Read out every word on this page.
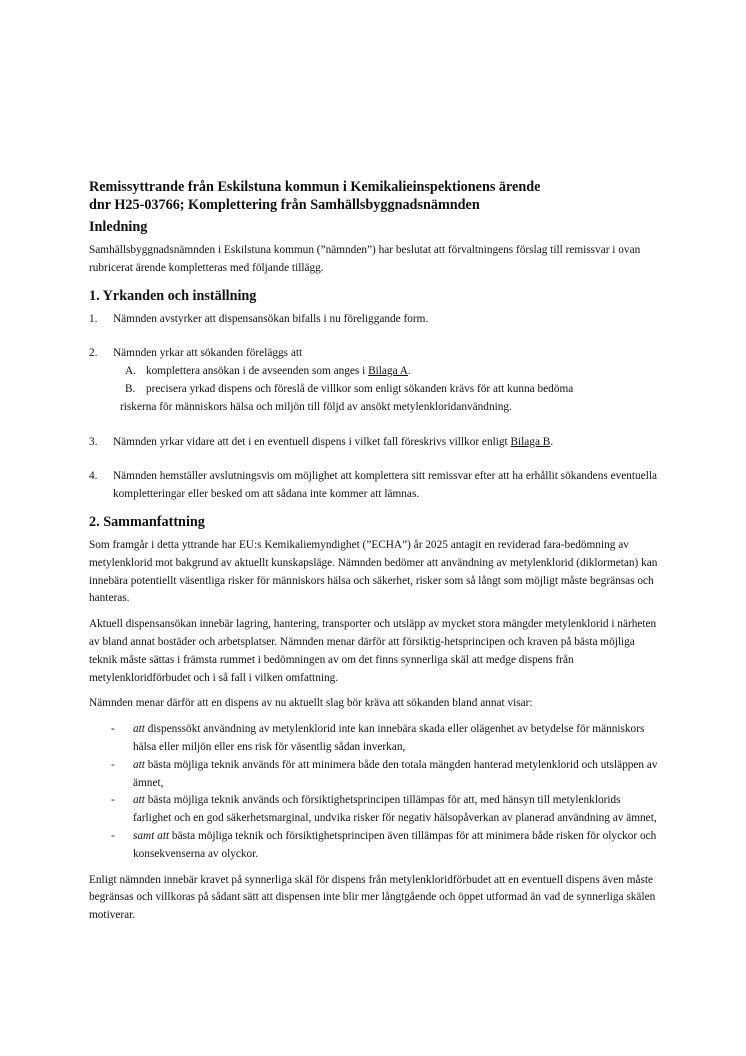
Remissyttrande från Eskilstuna kommun i Kemikalieinspektionens ärende
dnr H25-03766; Komplettering från Samhällsbyggnadsnämnden
Inledning

Samhällsbyggnadsnämnden i Eskilstuna kommun (”nämnden”) har beslutat att förvaltningens förslag till remissvar i ovan rubricerat ärende kompletteras med följande tillägg.

1. Yrkanden och inställning
1. Nämnden avstyrker att dispensansökan bifalls i nu föreliggande form.
2. Nämnden yrkar att sökanden föreläggs att
A. komplettera ansökan i de avseenden som anges i Bilaga A.
B. precisera yrkad dispens och föreslå de villkor som enligt sökanden krävs för att kunna bedöma
riskerna för människors hälsa och miljön till följd av ansökt metylenkloridanvändning.
3. Nämnden yrkar vidare att det i en eventuell dispens i vilket fall föreskrivs villkor enligt Bilaga B.
4. Nämnden hemställer avslutningsvis om möjlighet att komplettera sitt remissvar efter att ha erhållit sökandens eventuella kompletteringar eller besked om att sådana inte kommer att lämnas.
2. Sammanfattning

Som framgår i detta yttrande har EU:s Kemikaliemyndighet (”ECHA”) år 2025 antagit en reviderad fara-bedömning av metylenklorid mot bakgrund av aktuellt kunskapsläge. Nämnden bedömer att användning av metylenklorid (diklormetan) kan innebära potentiellt väsentliga risker för människors hälsa och säkerhet, risker som så långt som möjligt måste begränsas och hanteras.

Aktuell dispensansökan innebär lagring, hantering, transporter och utsläpp av mycket stora mängder metylenklorid i närheten av bland annat bostäder och arbetsplatser. Nämnden menar därför att försiktig-hetsprincipen och kraven på bästa möjliga teknik måste sättas i främsta rummet i bedömningen av om det finns synnerliga skäl att medge dispens från metylenkloridförbudet och i så fall i vilken omfattning.

Nämnden menar därför att en dispens av nu aktuellt slag bör kräva att sökanden bland annat visar:

- att dispenssökt användning av metylenklorid inte kan innebära skada eller olägenhet av betydelse för människors hälsa eller miljön eller ens risk för väsentlig sådan inverkan,
- att bästa möjliga teknik används för att minimera både den totala mängden hanterad metylenklorid och utsläppen av ämnet,
- att bästa möjliga teknik används och försiktighetsprincipen tillämpas för att, med hänsyn till metylenklorids farlighet och en god säkerhetsmarginal, undvika risker för negativ hälsopåverkan av planerad användning av ämnet,
- samt att bästa möjliga teknik och försiktighetsprincipen även tillämpas för att minimera både risken för olyckor och konsekvenserna av olyckor.

Enligt nämnden innebär kravet på synnerliga skäl för dispens från metylenkloridförbudet att en eventuell dispens även måste begränsas och villkoras på sådant sätt att dispensen inte blir mer långtgående och öppet utformad än vad de synnerliga skälen motiverar.
